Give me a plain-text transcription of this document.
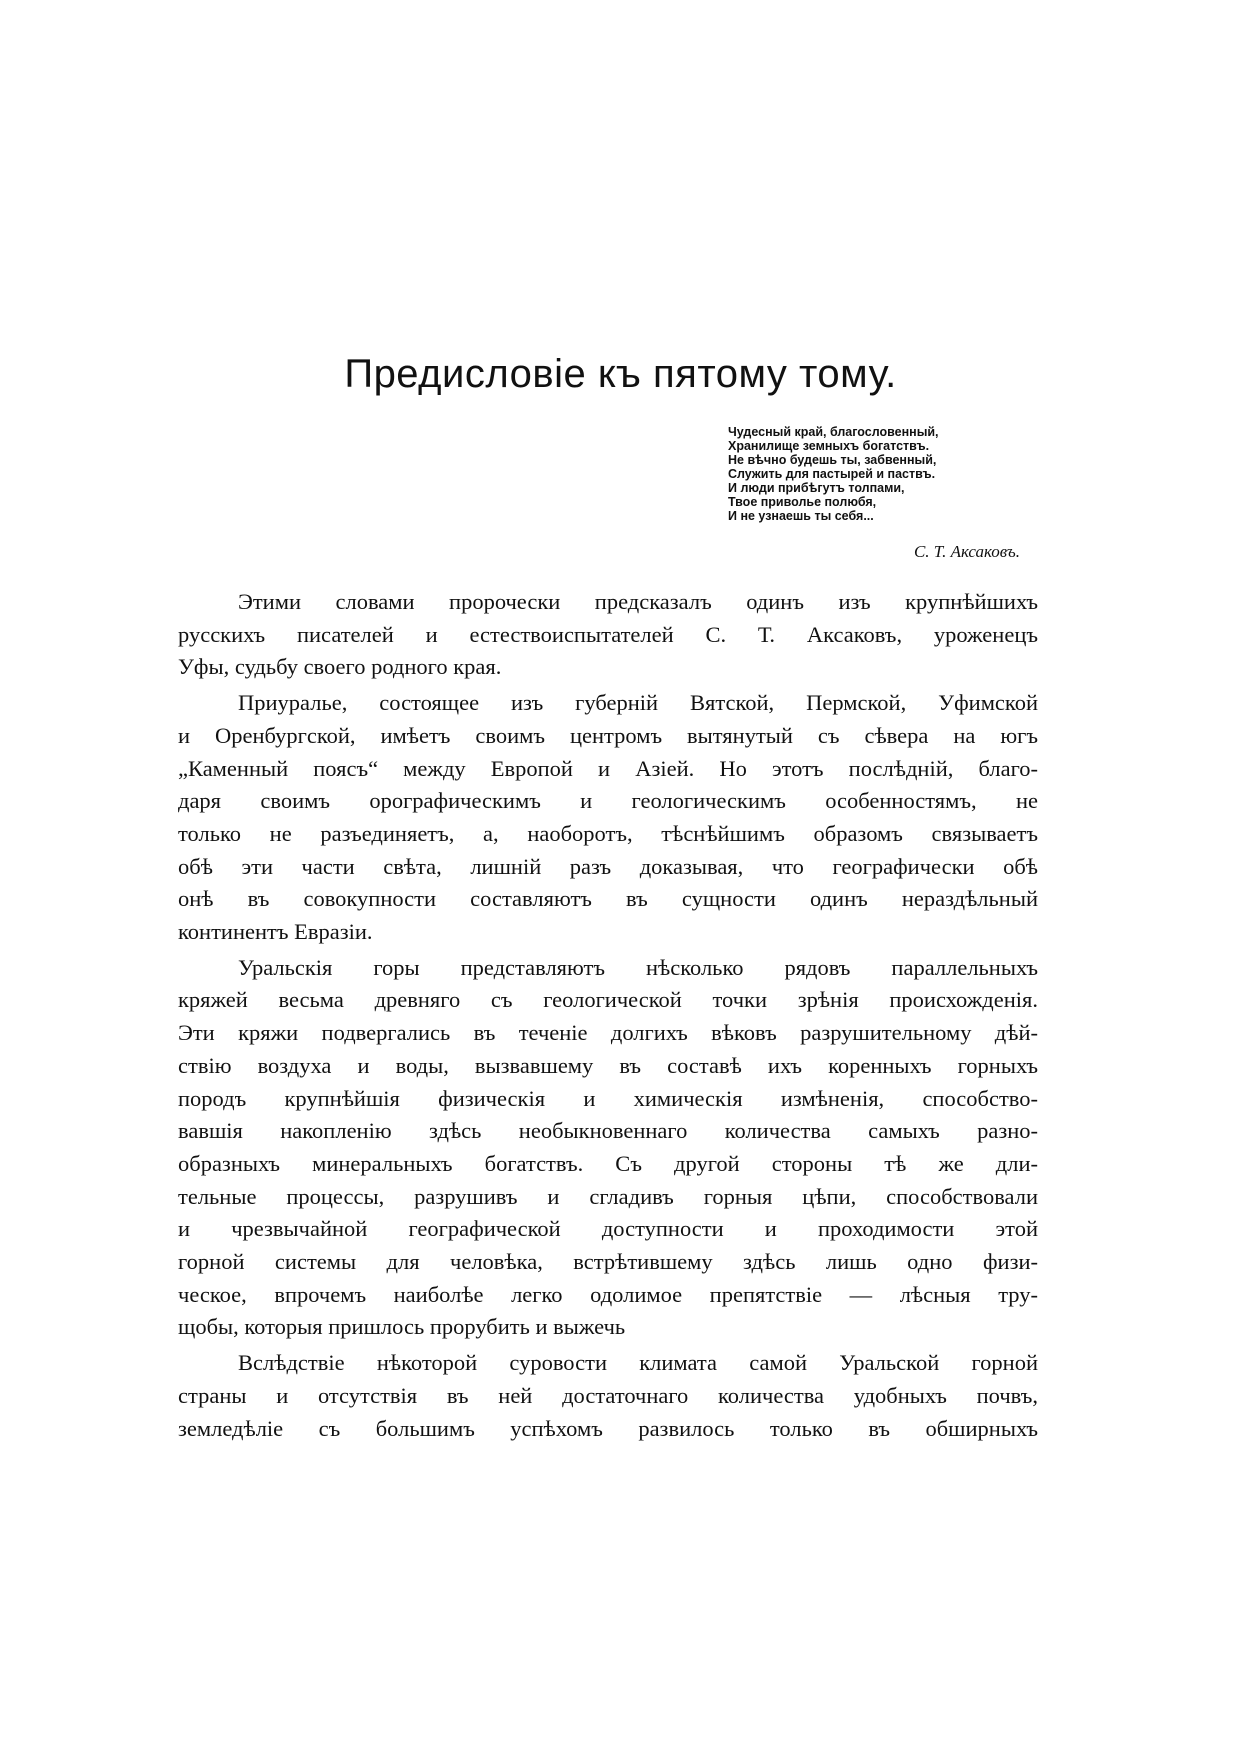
Предисловіе къ пятому тому.
Чудесный край, благословенный,
Хранилище земныхъ богатствъ.
Не вѣчно будешь ты, забвенный,
Служить для пастырей и паствъ.
И люди прибѣгутъ толпами,
Твое приволье полюбя,
И не узнаешь ты себя...
С. Т. Аксаковъ.
Этими словами пророчески предсказалъ одинъ изъ крупнѣйшихъ
русскихъ писателей и естествоиспытателей С. Т. Аксаковъ, уроженецъ
Уфы, судьбу своего родного края.
Приуралье, состоящее изъ губерній Вятской, Пермской, Уфимской
и Оренбургской, имѣетъ своимъ центромъ вытянутый съ сѣвера на югъ
„Каменный поясъ“ между Европой и Азіей. Но этотъ послѣдній, благо-
даря своимъ орографическимъ и геологическимъ особенностямъ, не
только не разъединяетъ, а, наоборотъ, тѣснѣйшимъ образомъ связываетъ
обѣ эти части свѣта, лишній разъ доказывая, что географически обѣ
онѣ въ совокупности составляютъ въ сущности одинъ нераздѣльный
континентъ Евразіи.
Уральскія горы представляютъ нѣсколько рядовъ параллельныхъ
кряжей весьма древняго съ геологической точки зрѣнія происхожденія.
Эти кряжи подвергались въ теченіе долгихъ вѣковъ разрушительному дѣй-
ствію воздуха и воды, вызвавшему въ составѣ ихъ коренныхъ горныхъ
породъ крупнѣйшія физическія и химическія измѣненія, способство-
вавшія накопленію здѣсь необыкновеннаго количества самыхъ разно-
образныхъ минеральныхъ богатствъ. Съ другой стороны тѣ же дли-
тельные процессы, разрушивъ и сгладивъ горныя цѣпи, способствовали
и чрезвычайной географической доступности и проходимости этой
горной системы для человѣка, встрѣтившему здѣсь лишь одно физи-
ческое, впрочемъ наиболѣе легко одолимое препятствіе — лѣсныя тру-
щобы, которыя пришлось прорубить и выжечь
Вслѣдствіе нѣкоторой суровости климата самой Уральской горной
страны и отсутствія въ ней достаточнаго количества удобныхъ почвъ,
земледѣліе съ большимъ успѣхомъ развилось только въ обширныхъ
